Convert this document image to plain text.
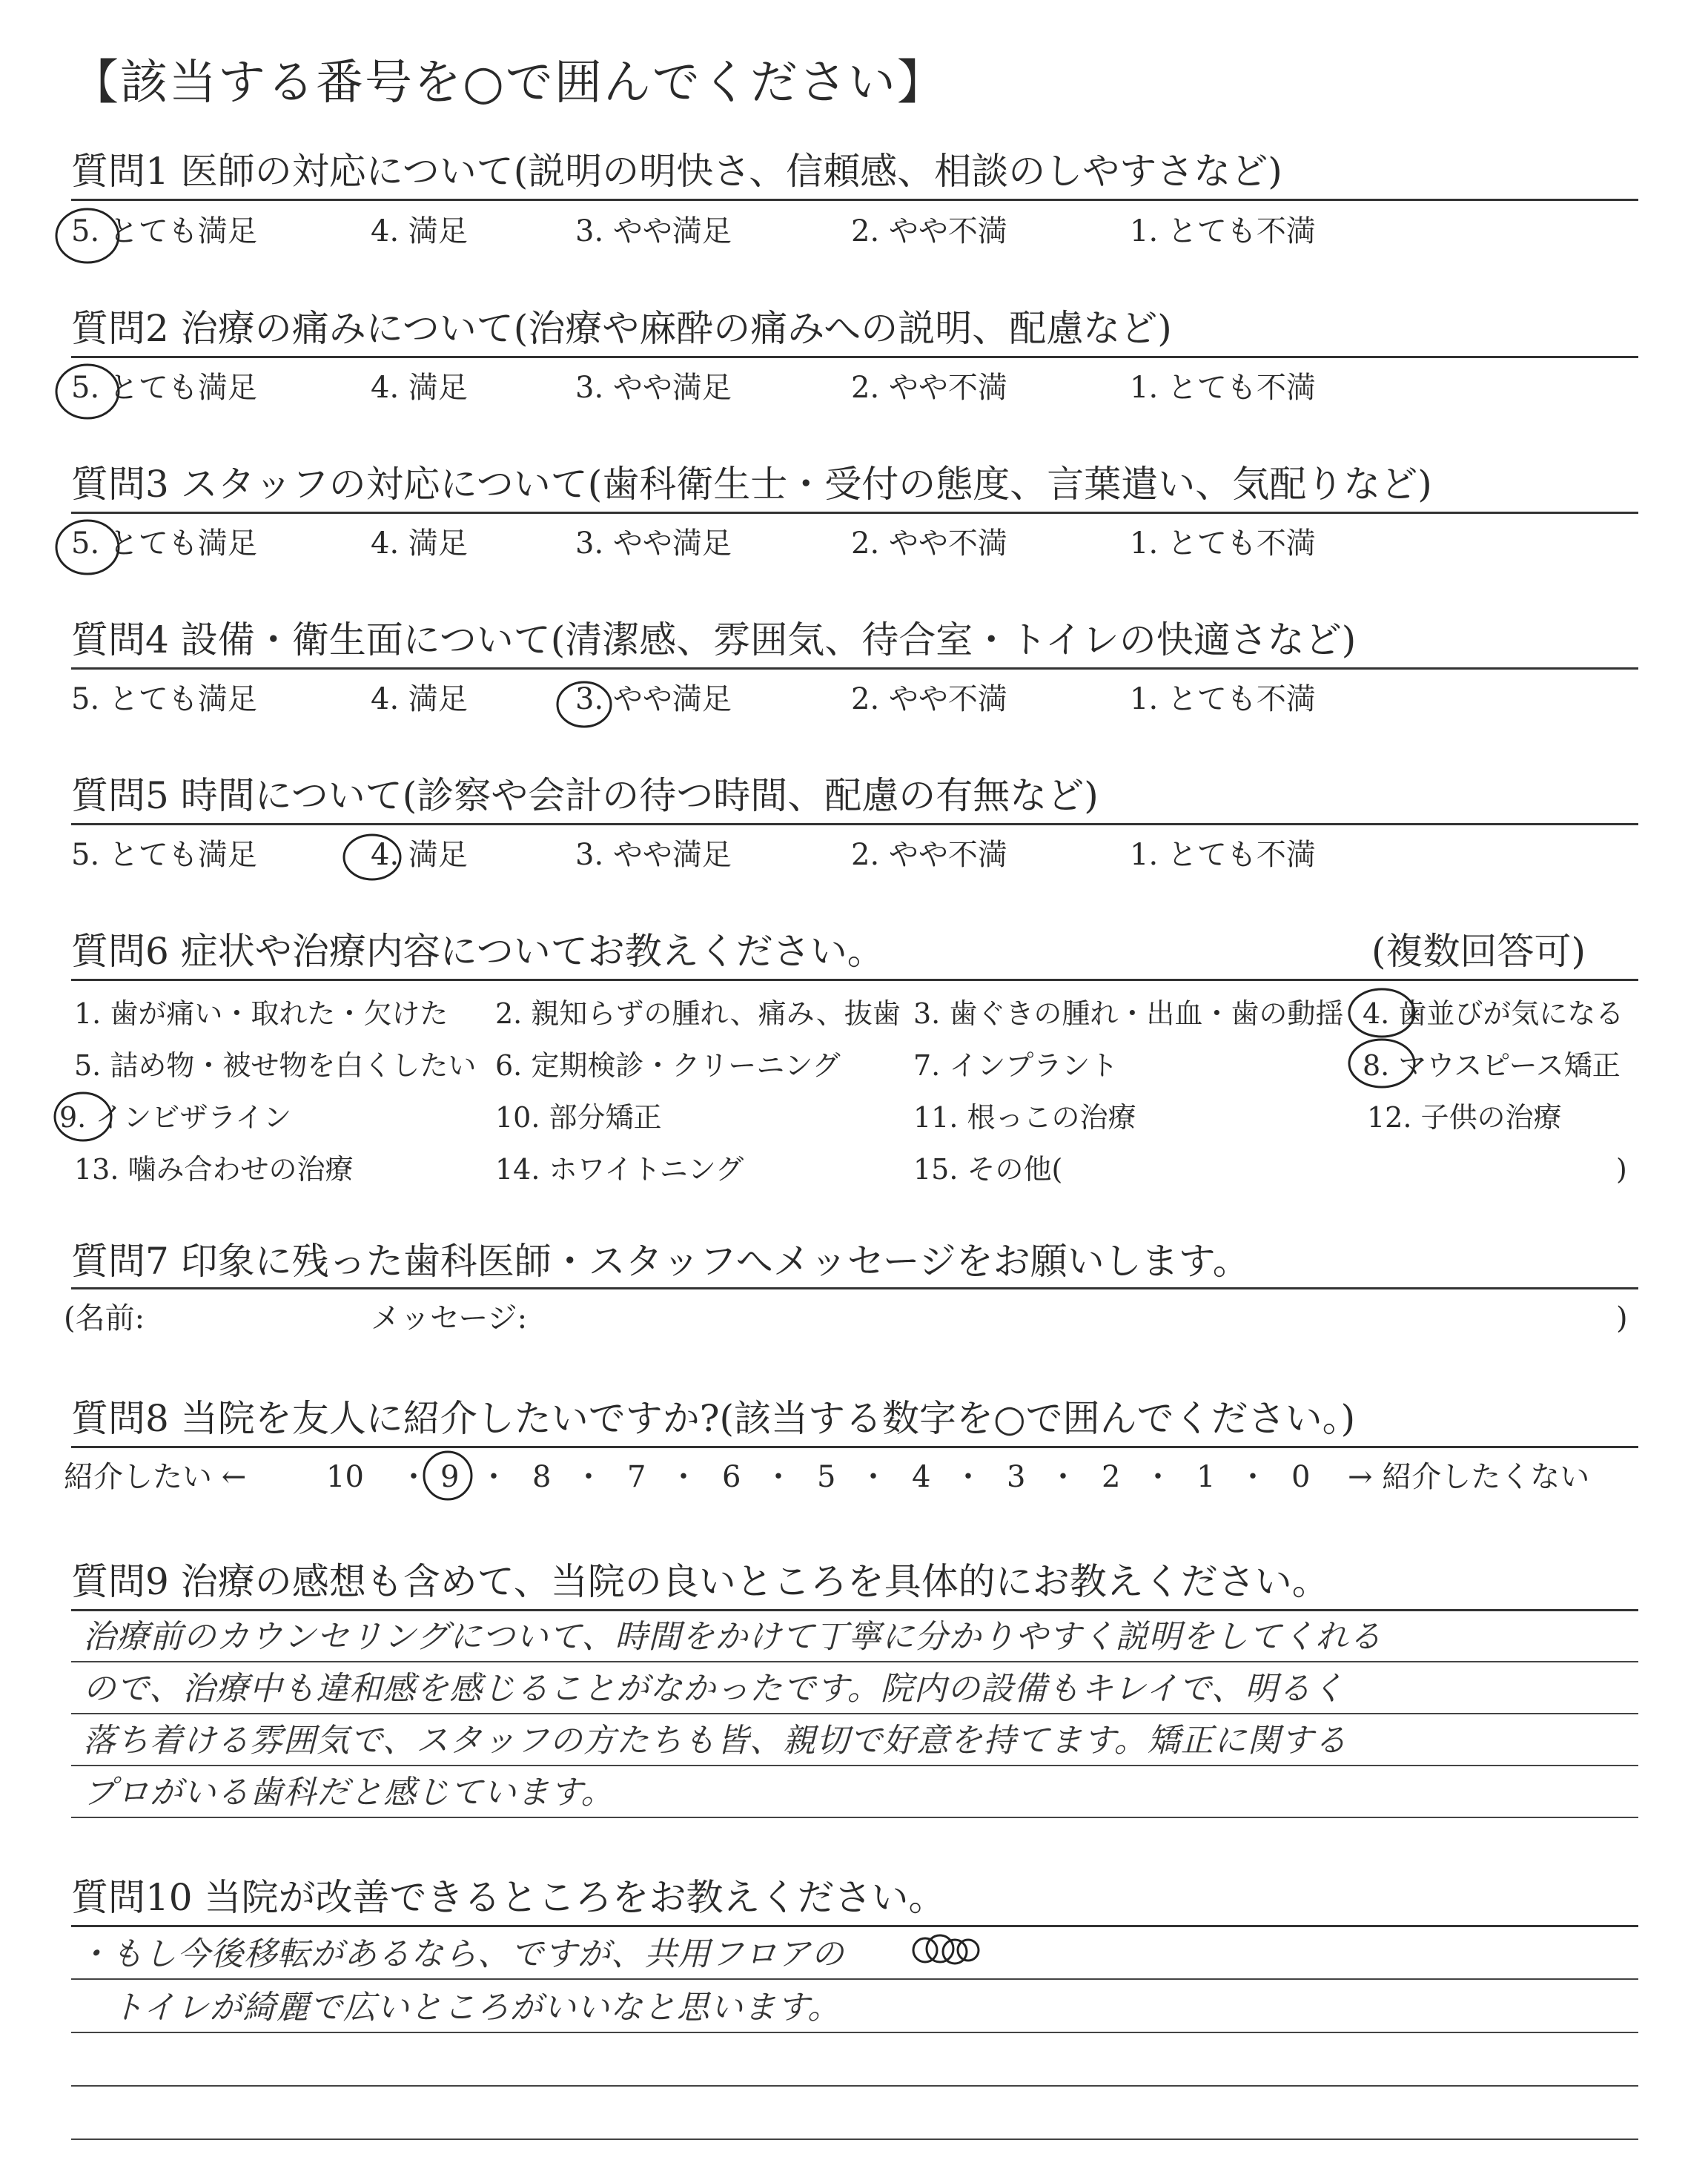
【該当する番号を○で囲んでください】
質問1 医師の対応について(説明の明快さ、信頼感、相談のしやすさなど)
5. とても満足	4. 満足	3. やや満足	2. やや不満	1. とても不満
質問2 治療の痛みについて(治療や麻酔の痛みへの説明、配慮など)
5. とても満足	4. 満足	3. やや満足	2. やや不満	1. とても不満
質問3 スタッフの対応について(歯科衛生士・受付の態度、言葉遣い、気配りなど)
5. とても満足	4. 満足	3. やや満足	2. やや不満	1. とても不満
質問4 設備・衛生面について(清潔感、雰囲気、待合室・トイレの快適さなど)
5. とても満足	4. 満足	3. やや満足	2. やや不満	1. とても不満
質問5 時間について(診察や会計の待つ時間、配慮の有無など)
5. とても満足	4. 満足	3. やや満足	2. やや不満	1. とても不満
質問6 症状や治療内容についてお教えください。	(複数回答可)
1. 歯が痛い・取れた・欠けた 2. 親知らずの腫れ、痛み、抜歯 3. 歯ぐきの腫れ・出血・歯の動揺 4. 歯並びが気になる
5. 詰め物・被せ物を白くしたい 6. 定期検診・クリーニング	7. インプラント	8. マウスピース矯正
9. インビザライン	10. 部分矯正	11. 根っこの治療	12. 子供の治療
13. 噛み合わせの治療	14. ホワイトニング	15. その他(	)
質問7 印象に残った歯科医師・スタッフへメッセージをお願いします。
(名前:	メッセージ:	)
質問8 当院を友人に紹介したいですか?(該当する数字を○で囲んでください。)
紹介したい ←	10 ・ 9 ・ 8 ・ 7 ・ 6 ・ 5 ・ 4 ・ 3 ・ 2 ・ 1 ・ 0 → 紹介したくない
質問9 治療の感想も含めて、当院の良いところを具体的にお教えください。
治療前のカウンセリングについて、時間をかけて丁寧に分かりやすく説明をしてくれる
ので、治療中も違和感を感じることがなかったです。院内の設備もキレイで、明るく
落ち着ける雰囲気で、スタッフの方たちも皆、親切で好意を持てます。矯正に関する
プロがいる歯科だと感じています。
質問10 当院が改善できるところをお教えください。
・もし今後移転があるなら、ですが、共用フロアの
トイレが綺麗で広いところがいいなと思います。
